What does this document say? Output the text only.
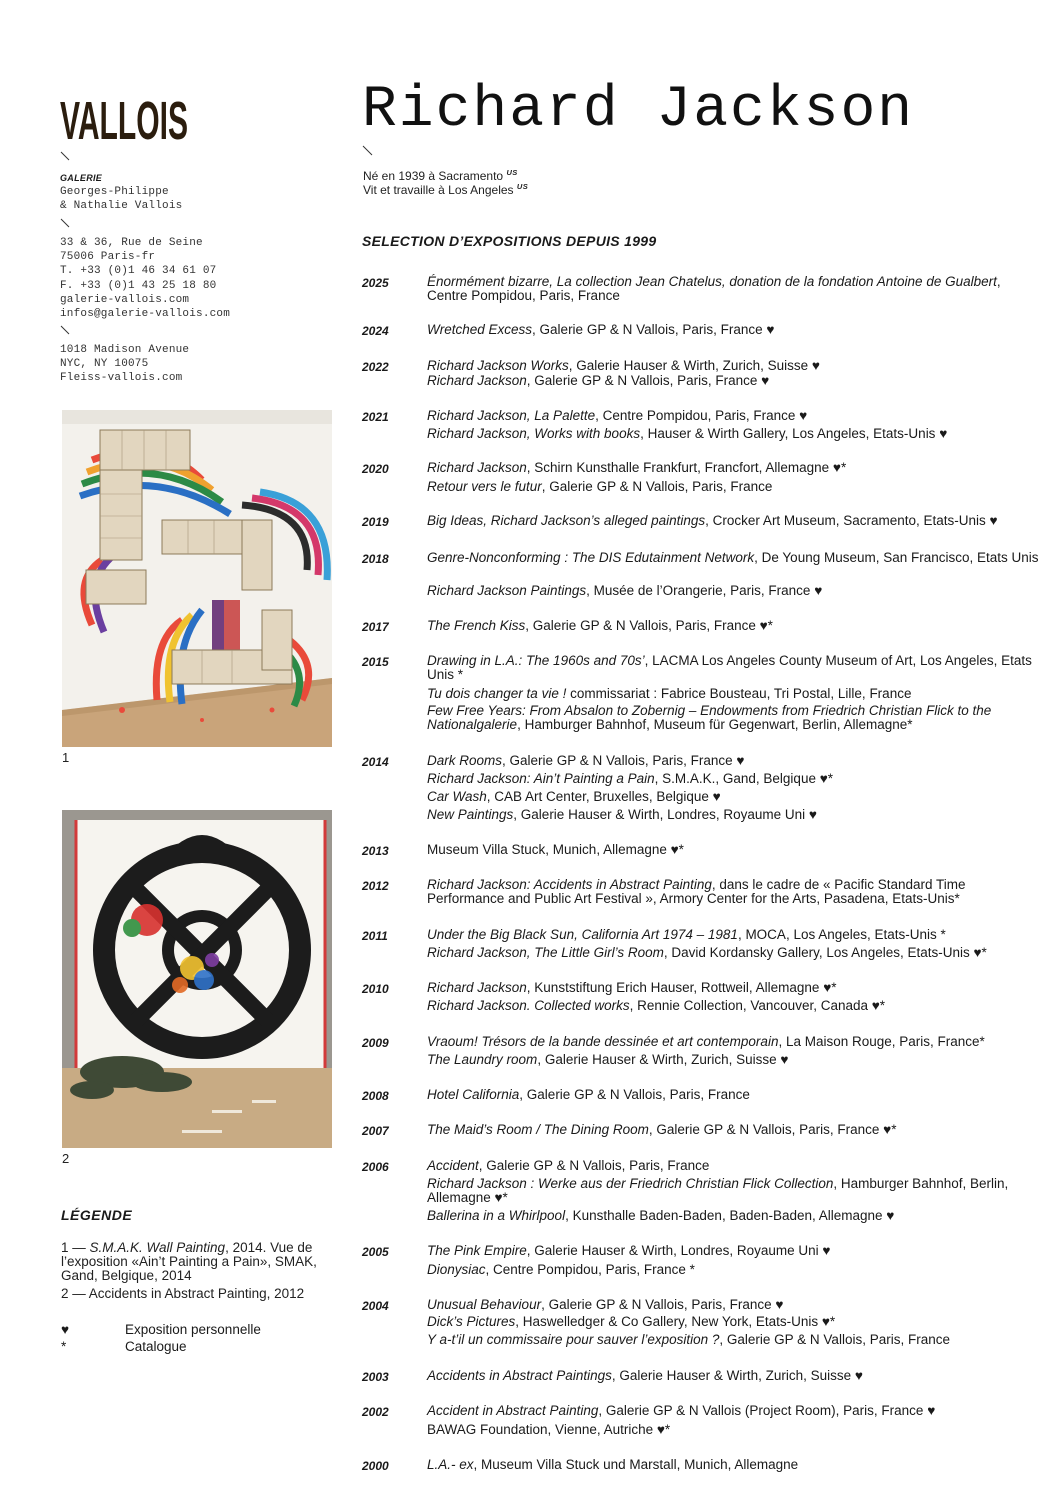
VALLOIS
GALERIE
Georges-Philippe
& Nathalie Vallois
33 & 36, Rue de Seine
75006 Paris-fr
T. +33 (0)1 46 34 61 07
F. +33 (0)1 43 25 18 80
galerie-vallois.com
infos@galerie-vallois.com
1018 Madison Avenue
NYC, NY 10075
Fleiss-vallois.com
1
2
LÉGENDE
1 — S.M.A.K. Wall Painting, 2014. Vue de l’exposition «Ain’t Painting a Pain», SMAK, Gand, Belgique, 2014
2 — Accidents in Abstract Painting, 2012
♥	Exposition personnelle
*	Catalogue
Richard Jackson
Né en 1939 à Sacramento $^{US}$
Vit et travaille à Los Angeles $^{US}$
SELECTION D’EXPOSITIONS DEPUIS 1999
2025	Énormément bizarre, La collection Jean Chatelus, donation de la fondation Antoine de Gualbert, Centre Pompidou, Paris, France
2024	Wretched Excess, Galerie GP & N Vallois, Paris, France ♥
2022	Richard Jackson Works, Galerie Hauser & Wirth, Zurich, Suisse ♥
Richard Jackson, Galerie GP & N Vallois, Paris, France ♥
2021	Richard Jackson, La Palette, Centre Pompidou, Paris, France ♥
Richard Jackson, Works with books, Hauser & Wirth Gallery, Los Angeles, Etats-Unis ♥
2020	Richard Jackson, Schirn Kunsthalle Frankfurt, Francfort, Allemagne ♥*
Retour vers le futur, Galerie GP & N Vallois, Paris, France
2019	Big Ideas, Richard Jackson’s alleged paintings, Crocker Art Museum, Sacramento, Etats-Unis ♥
2018	Genre-Nonconforming : The DIS Edutainment Network, De Young Museum, San Francisco, Etats Unis
Richard Jackson Paintings, Musée de l’Orangerie, Paris, France ♥
2017	The French Kiss, Galerie GP & N Vallois, Paris, France ♥*
2015	Drawing in L.A.: The 1960s and 70s’, LACMA Los Angeles County Museum of Art, Los Angeles, Etats Unis *
Tu dois changer ta vie ! commissariat : Fabrice Bousteau, Tri Postal, Lille, France
Few Free Years: From Absalon to Zobernig – Endowments from Friedrich Christian Flick to the Nationalgalerie, Hamburger Bahnhof, Museum für Gegenwart, Berlin, Allemagne*
2014	Dark Rooms, Galerie GP & N Vallois, Paris, France ♥
Richard Jackson: Ain’t Painting a Pain, S.M.A.K., Gand, Belgique ♥*
Car Wash, CAB Art Center, Bruxelles, Belgique ♥
New Paintings, Galerie Hauser & Wirth, Londres, Royaume Uni ♥
2013	Museum Villa Stuck, Munich, Allemagne ♥*
2012	Richard Jackson: Accidents in Abstract Painting, dans le cadre de « Pacific Standard Time Performance and Public Art Festival », Armory Center for the Arts, Pasadena, Etats-Unis*
2011	Under the Big Black Sun, California Art 1974 – 1981, MOCA, Los Angeles, Etats-Unis *
Richard Jackson, The Little Girl’s Room, David Kordansky Gallery, Los Angeles, Etats-Unis ♥*
2010	Richard Jackson, Kunststiftung Erich Hauser, Rottweil, Allemagne ♥*
Richard Jackson. Collected works, Rennie Collection, Vancouver, Canada ♥*
2009	Vraoum! Trésors de la bande dessinée et art contemporain, La Maison Rouge, Paris, France*
The Laundry room, Galerie Hauser & Wirth, Zurich, Suisse ♥
2008	Hotel California, Galerie GP & N Vallois, Paris, France
2007	The Maid’s Room / The Dining Room, Galerie GP & N Vallois, Paris, France ♥*
2006	Accident, Galerie GP & N Vallois, Paris, France
Richard Jackson : Werke aus der Friedrich Christian Flick Collection, Hamburger Bahnhof, Berlin, Allemagne ♥*
Ballerina in a Whirlpool, Kunsthalle Baden-Baden, Baden-Baden, Allemagne ♥
2005	The Pink Empire, Galerie Hauser & Wirth, Londres, Royaume Uni ♥
Dionysiac, Centre Pompidou, Paris, France *
2004	Unusual Behaviour, Galerie GP & N Vallois, Paris, France ♥
Dick’s Pictures, Haswelledger & Co Gallery, New York, Etats-Unis ♥*
Y a-t’il un commissaire pour sauver l’exposition ?, Galerie GP & N Vallois, Paris, France
2003	Accidents in Abstract Paintings, Galerie Hauser & Wirth, Zurich, Suisse ♥
2002	Accident in Abstract Painting, Galerie GP & N Vallois (Project Room), Paris, France ♥
BAWAG Foundation, Vienne, Autriche ♥*
2000	L.A.- ex, Museum Villa Stuck und Marstall, Munich, Allemagne
